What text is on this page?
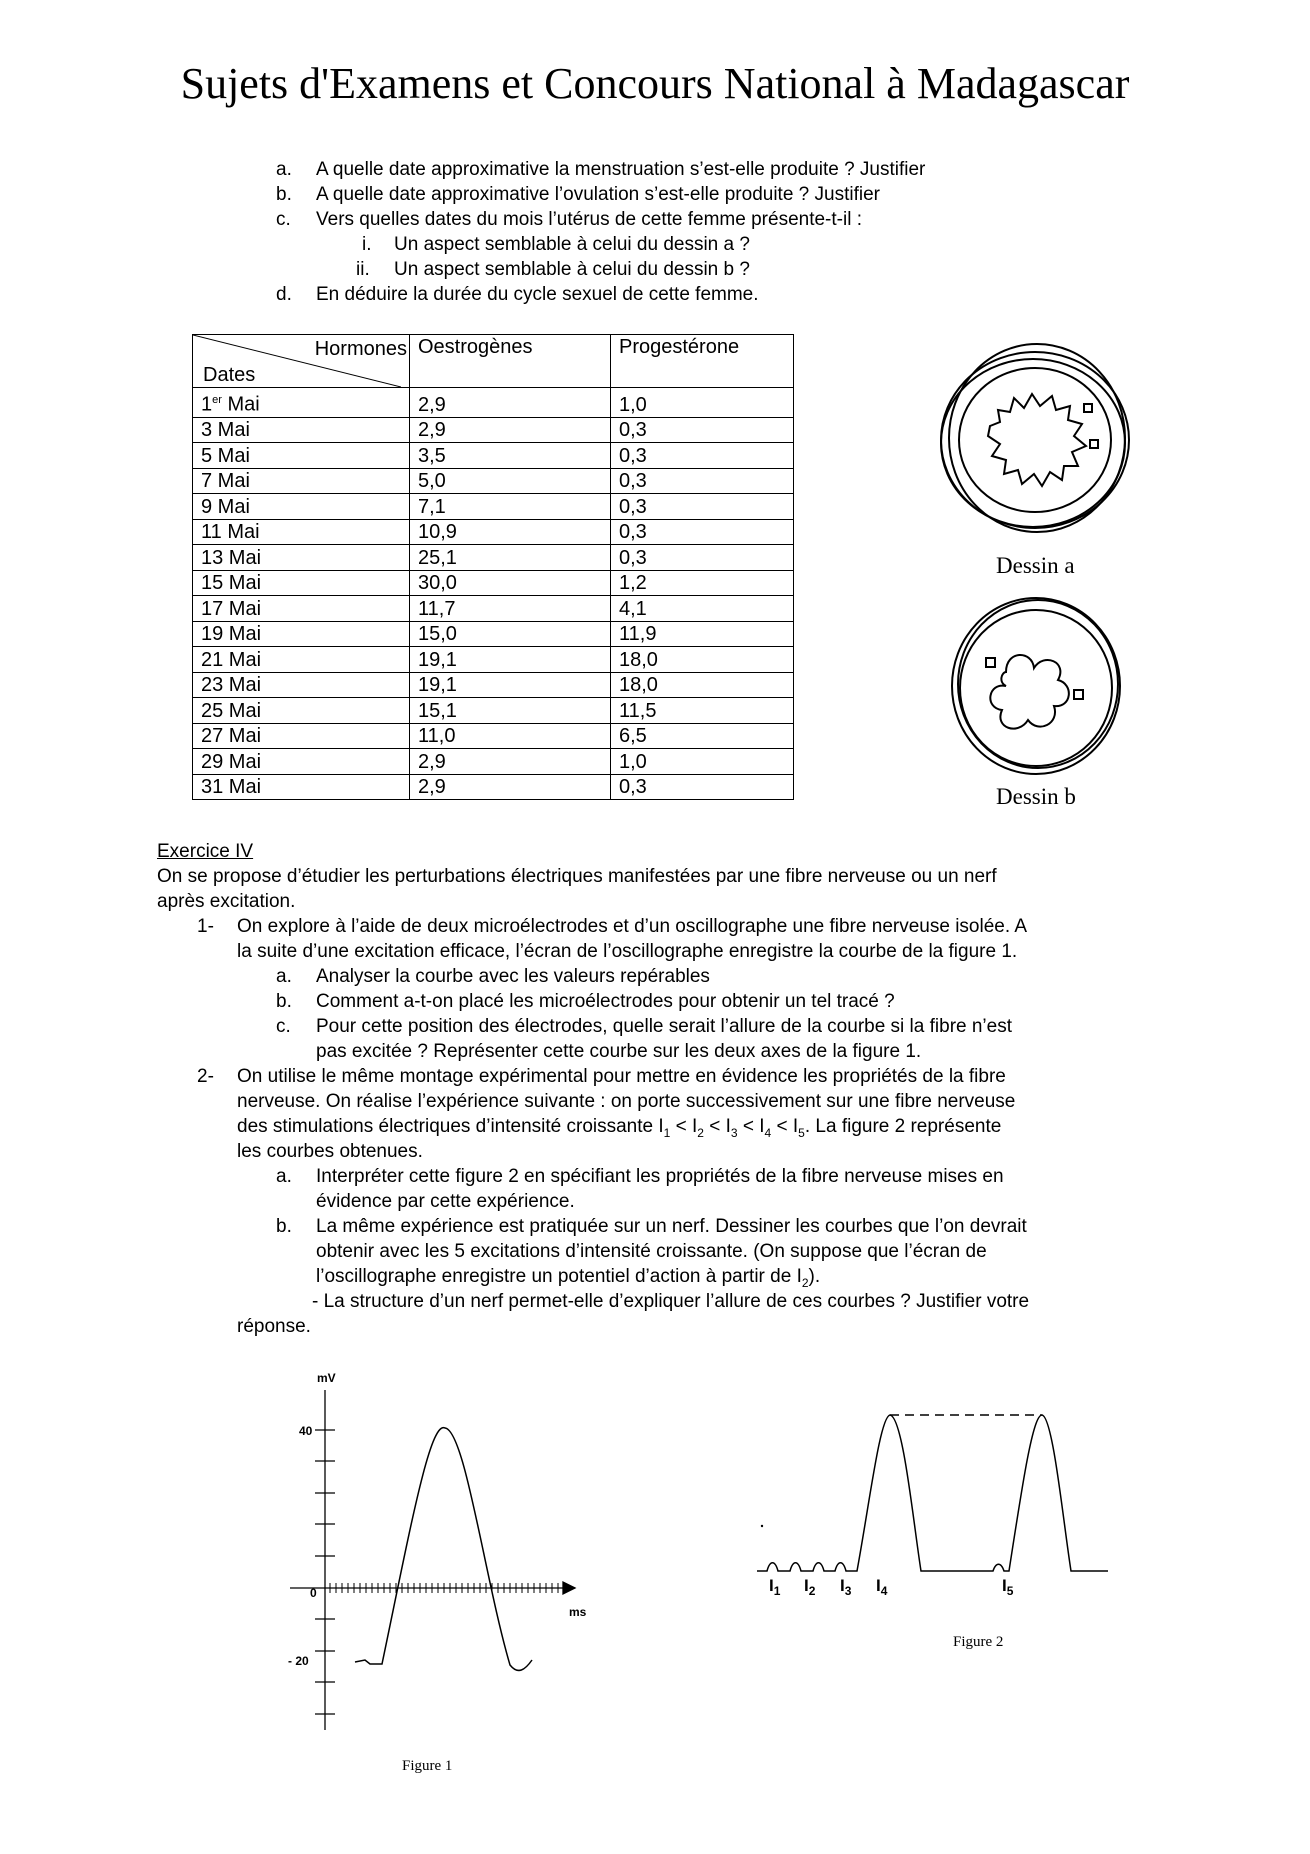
Sujets d'Examens et Concours National à Madagascar
a. A quelle date approximative la menstruation s’est-elle produite ? Justifier
b. A quelle date approximative l’ovulation s’est-elle produite ? Justifier
c. Vers quelles dates du mois l’utérus de cette femme présente-t-il :
i. Un aspect semblable à celui du dessin a ?
ii. Un aspect semblable à celui du dessin b ?
d. En déduire la durée du cycle sexuel de cette femme.
Hormones
Dates	Oestrogènes	Progestérone
1er Mai	2,9	1,0
3 Mai	2,9	0,3
5 Mai	3,5	0,3
7 Mai	5,0	0,3
9 Mai	7,1	0,3
11 Mai	10,9	0,3
13 Mai	25,1	0,3
15 Mai	30,0	1,2
17 Mai	11,7	4,1
19 Mai	15,0	11,9
21 Mai	19,1	18,0
23 Mai	19,1	18,0
25 Mai	15,1	11,5
27 Mai	11,0	6,5
29 Mai	2,9	1,0
31 Mai	2,9	0,3
Dessin a
Dessin b
Exercice IV
On se propose d’étudier les perturbations électriques manifestées par une fibre nerveuse ou un nerf
après excitation.
1- On explore à l’aide de deux microélectrodes et d’un oscillographe une fibre nerveuse isolée. A
la suite d’une excitation efficace, l’écran de l’oscillographe enregistre la courbe de la figure 1.
a. Analyser la courbe avec les valeurs repérables
b. Comment a-t-on placé les microélectrodes pour obtenir un tel tracé ?
c. Pour cette position des électrodes, quelle serait l’allure de la courbe si la fibre n’est
pas excitée ? Représenter cette courbe sur les deux axes de la figure 1.
2- On utilise le même montage expérimental pour mettre en évidence les propriétés de la fibre
nerveuse. On réalise l’expérience suivante : on porte successivement sur une fibre nerveuse
des stimulations électriques d’intensité croissante $I_1 < I_2 < I_3 < I_4 < I_5$. La figure 2 représente
les courbes obtenues.
a. Interpréter cette figure 2 en spécifiant les propriétés de la fibre nerveuse mises en
évidence par cette expérience.
b. La même expérience est pratiquée sur un nerf. Dessiner les courbes que l’on devrait
obtenir avec les 5 excitations d’intensité croissante. (On suppose que l’écran de
l’oscillographe enregistre un potentiel d’action à partir de $I_2$).
- La structure d’un nerf permet-elle d’expliquer l’allure de ces courbes ? Justifier votre
réponse.
mV
ms
40
0
- 20
Figure 1
$I_1$ $I_2$ $I_3$ $I_4$	$I_5$
Figure 2
